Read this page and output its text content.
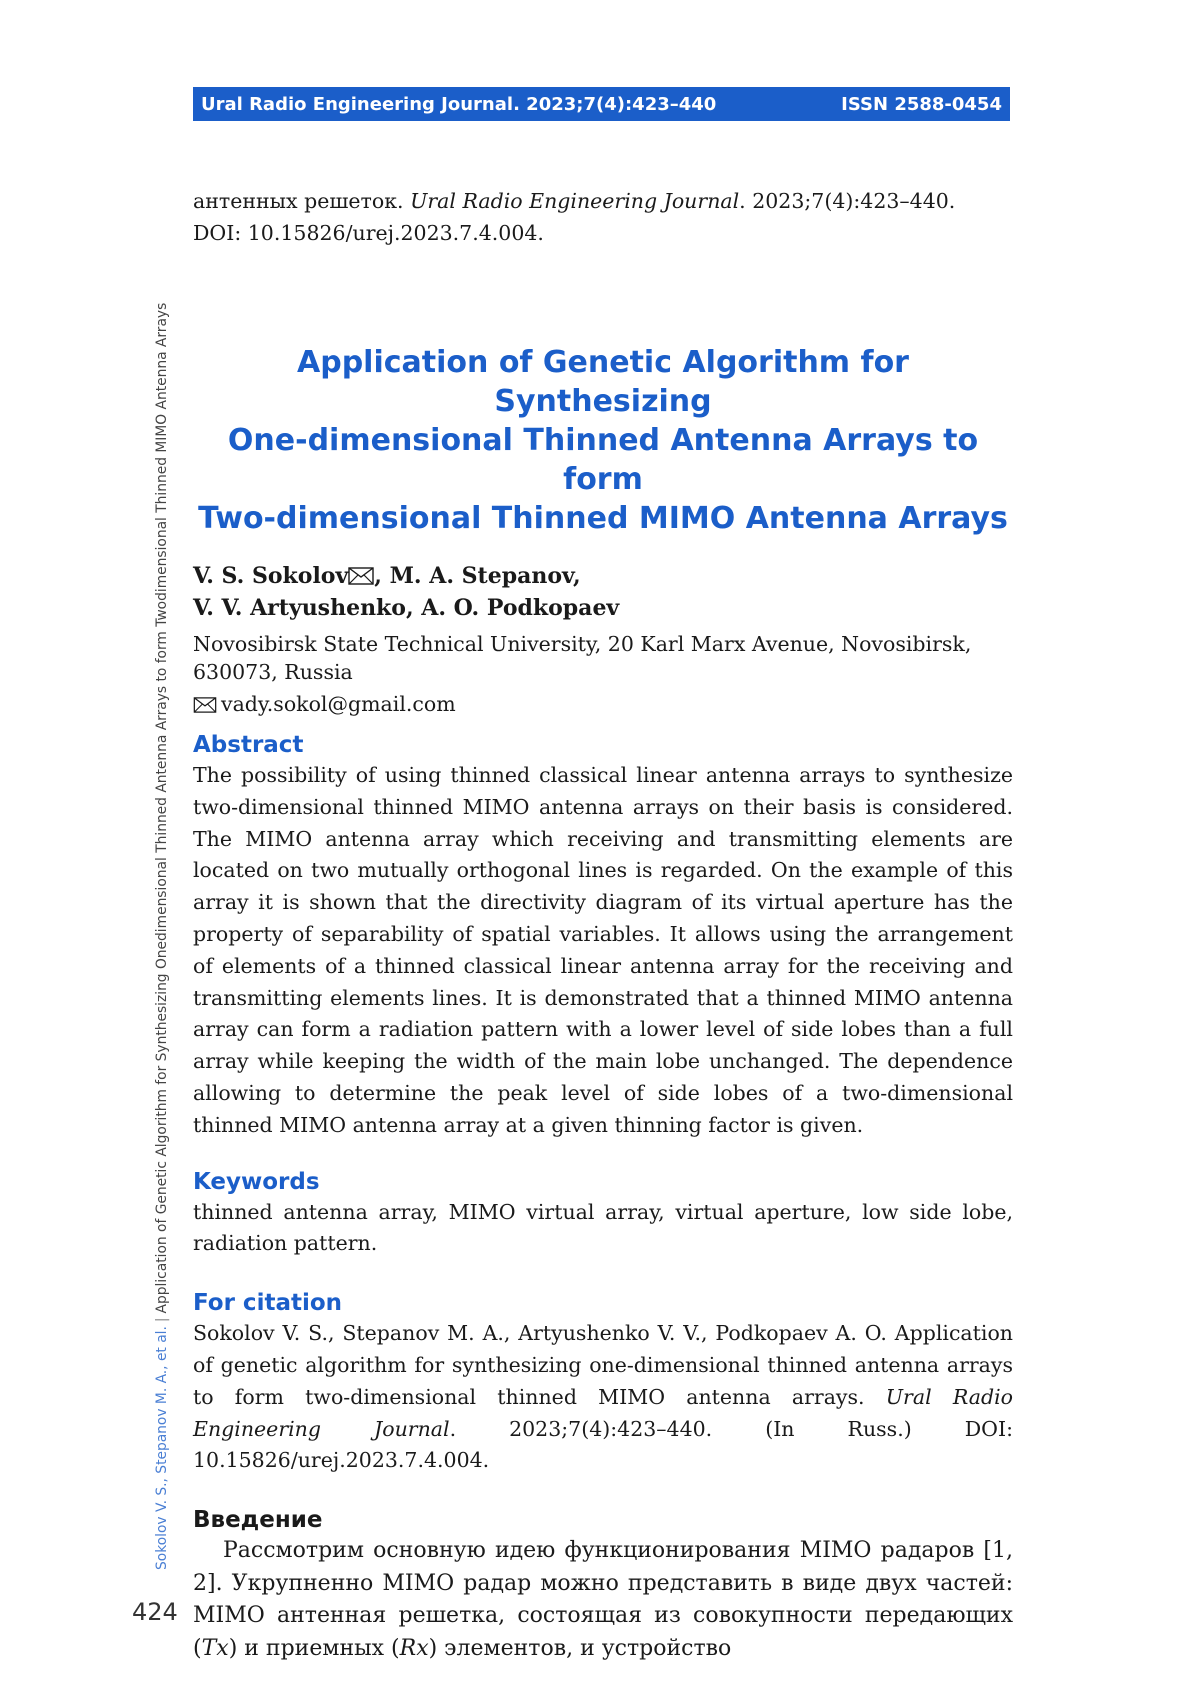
Ural Radio Engineering Journal. 2023;7(4):423–440	ISSN 2588-0454
Sokolov V. S., Stepanov M. A., et al.|Application of Genetic Algorithm for Synthesizing Onedimensional Thinned Antenna Arrays to form Twodimensional Thinned MIMO Antenna Arrays
424

антенных решеток. Ural Radio Engineering Journal. 2023;7(4):423–440.
DOI: 10.15826/urej.2023.7.4.004.

Application of Genetic Algorithm for Synthesizing
One-dimensional Thinned Antenna Arrays to form
Two-dimensional Thinned MIMO Antenna Arrays

V. S. Sokolov , M. A. Stepanov,
V. V. Artyushenko, A. O. Podkopaev

Novosibirsk State Technical University, 20 Karl Marx Avenue, Novosibirsk, 630073, Russia

vady.sokol@gmail.com

Abstract

The possibility of using thinned classical linear antenna arrays to synthesize two-dimensional thinned MIMO antenna arrays on their basis is considered. The MIMO antenna array which receiving and transmitting elements are located on two mutually orthogonal lines is regarded. On the example of this array it is shown that the directivity diagram of its virtual aperture has the property of separability of spatial variables. It allows using the arrangement of elements of a thinned classical linear antenna array for the receiving and transmitting elements lines. It is demonstrated that a thinned MIMO antenna array can form a radiation pattern with a lower level of side lobes than a full array while keeping the width of the main lobe unchanged. The dependence allowing to determine the peak level of side lobes of a two-dimensional thinned MIMO antenna array at a given thinning factor is given.

Keywords

thinned antenna array, MIMO virtual array, virtual aperture, low side lobe, radiation pattern.

For citation

Sokolov V. S., Stepanov M. A., Artyushenko V. V., Podkopaev A. O. Application of genetic algorithm for synthesizing one-dimensional thinned antenna arrays to form two-dimensional thinned MIMO antenna arrays. Ural Radio Engineering Journal. 2023;7(4):423–440. (In Russ.) DOI: 10.15826/urej.2023.7.4.004.

Введение

Рассмотрим основную идею функционирования MIMO радаров [1, 2]. Укрупненно MIMO радар можно представить в виде двух частей: MIMO антенная решетка, состоящая из совокупности передающих (Tx) и приемных (Rx) элементов, и устройство
